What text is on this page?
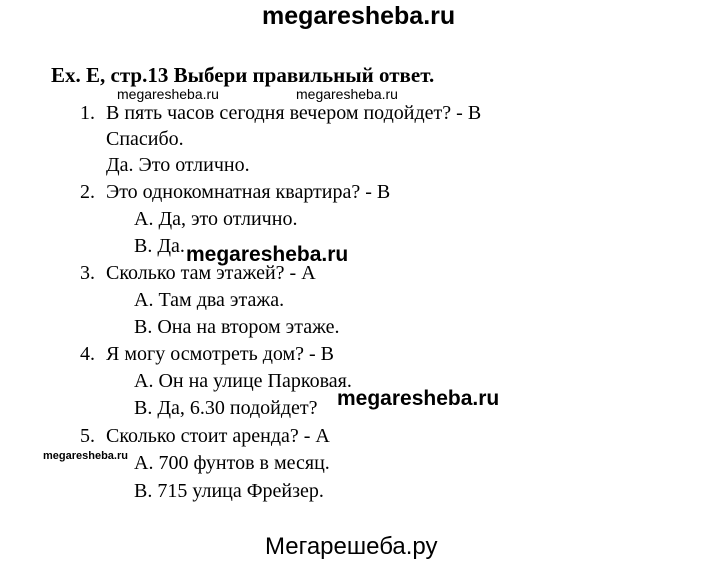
megaresheba.ru
Ex. E, стр.13 Выбери правильный ответ.
megaresheba.ru	megaresheba.ru
1. В пять часов сегодня вечером подойдет? - B
Спасибо.
Да. Это отлично.
2. Это однокомнатная квартира? - B
A. Да, это отлично.
B. Да. megaresheba.ru
3. Сколько там этажей? - A
A. Там два этажа.
B. Она на втором этаже.
4. Я могу осмотреть дом? - B
A. Он на улице Парковая.
B. Да, 6.30 подойдет? megaresheba.ru
5. Сколько стоит аренда? - A
megaresheba.ru A. 700 фунтов в месяц.
B. 715 улица Фрейзер.
Мегарешеба.ру
